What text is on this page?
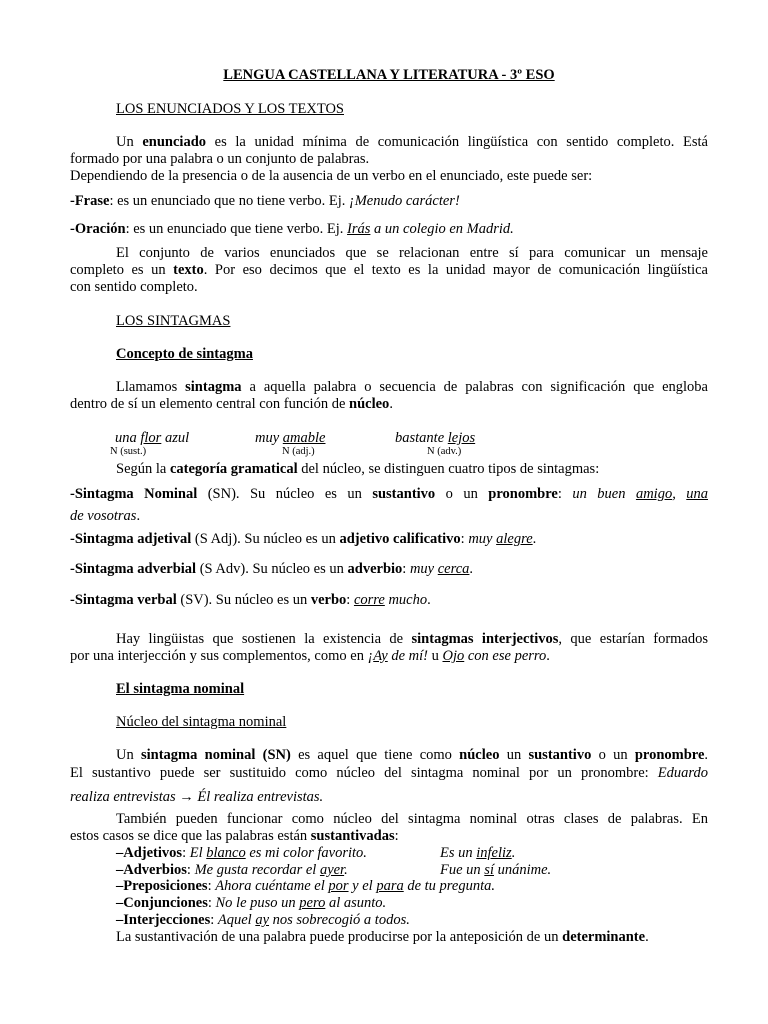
LENGUA CASTELLANA Y LITERATURA - 3º ESO
LOS ENUNCIADOS Y LOS TEXTOS
Un enunciado es la unidad mínima de comunicación lingüística con sentido completo. Está
formado por una palabra o un conjunto de palabras.
Dependiendo de la presencia o de la ausencia de un verbo en el enunciado, este puede ser:
-Frase: es un enunciado que no tiene verbo. Ej. ¡Menudo carácter!
-Oración: es un enunciado que tiene verbo. Ej. Irás a un colegio en Madrid.
El conjunto de varios enunciados que se relacionan entre sí para comunicar un mensaje
completo es un texto. Por eso decimos que el texto es la unidad mayor de comunicación lingüística
con sentido completo.
LOS SINTAGMAS
Concepto de sintagma
Llamamos sintagma a aquella palabra o secuencia de palabras con significación que engloba
dentro de sí un elemento central con función de núcleo.
una flor azul
N (sust.)
muy amable
N (adj.)
bastante lejos
N (adv.)
Según la categoría gramatical del núcleo, se distinguen cuatro tipos de sintagmas:
-Sintagma Nominal (SN). Su núcleo es un sustantivo o un pronombre: un buen amigo, una
de vosotras.
-Sintagma adjetival (S Adj). Su núcleo es un adjetivo calificativo: muy alegre.
-Sintagma adverbial (S Adv). Su núcleo es un adverbio: muy cerca.
-Sintagma verbal (SV). Su núcleo es un verbo: corre mucho.
Hay lingüistas que sostienen la existencia de sintagmas interjectivos, que estarían formados
por una interjección y sus complementos, como en ¡Ay de mí! u Ojo con ese perro.
El sintagma nominal
Núcleo del sintagma nominal
Un sintagma nominal (SN) es aquel que tiene como núcleo un sustantivo o un pronombre.
El sustantivo puede ser sustituido como núcleo del sintagma nominal por un pronombre: Eduardo
realiza entrevistas → Él realiza entrevistas.
También pueden funcionar como núcleo del sintagma nominal otras clases de palabras. En
estos casos se dice que las palabras están sustantivadas:
–Adjetivos: El blanco es mi color favorito.	Es un infeliz.
–Adverbios: Me gusta recordar el ayer.	Fue un sí unánime.
–Preposiciones: Ahora cuéntame el por y el para de tu pregunta.
–Conjunciones: No le puso un pero al asunto.
–Interjecciones: Aquel ay nos sobrecogió a todos.
La sustantivación de una palabra puede producirse por la anteposición de un determinante.
